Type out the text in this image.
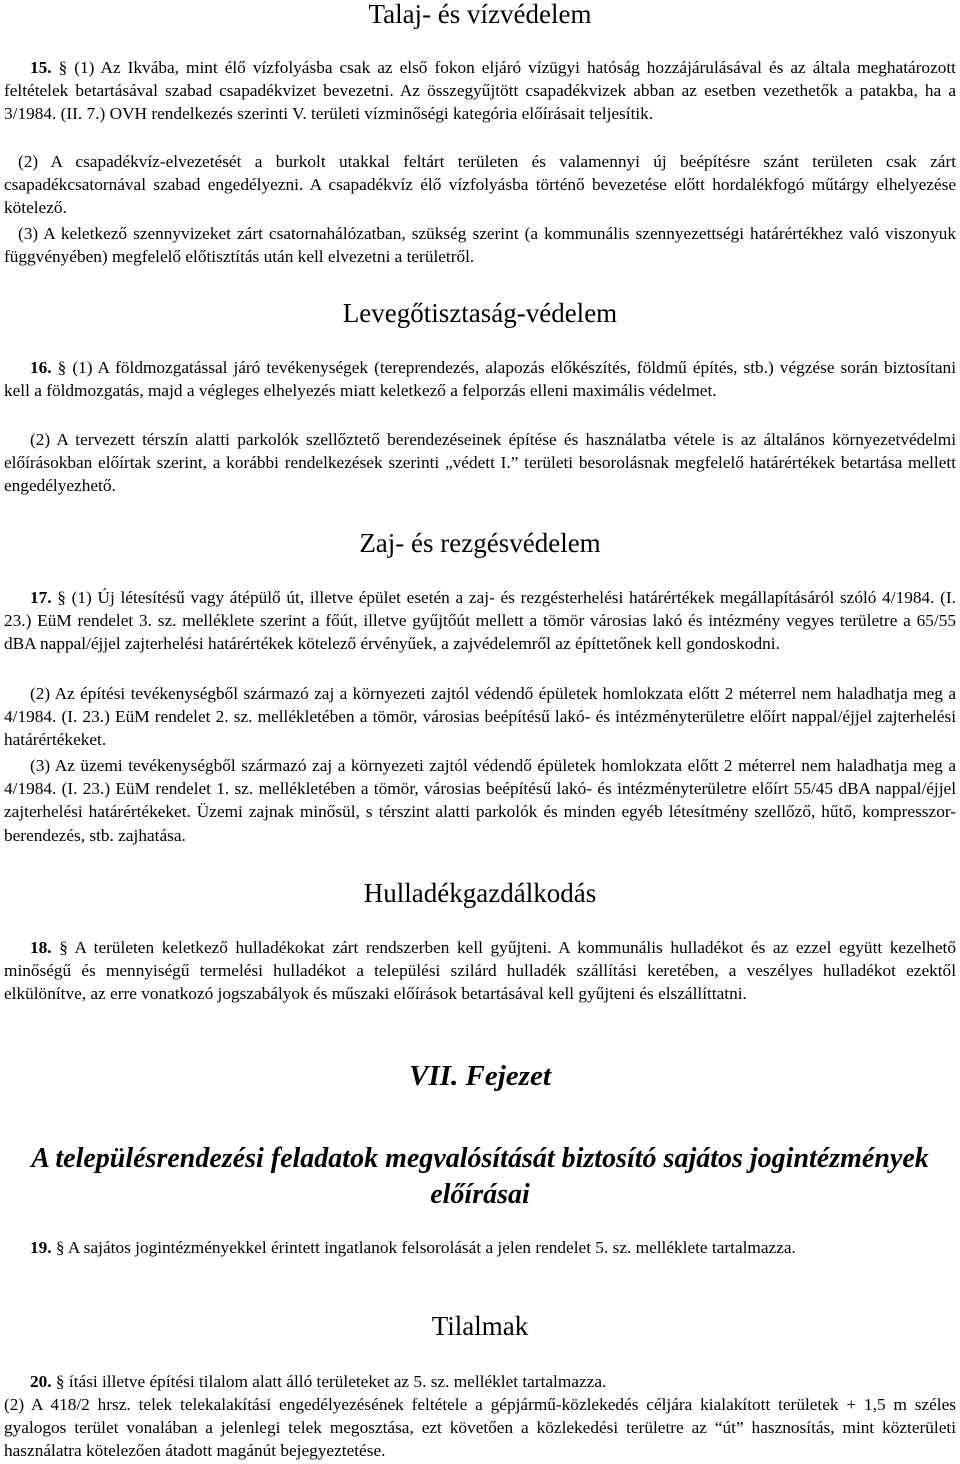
Talaj- és vízvédelem

15. § (1) Az Ikvába, mint élő vízfolyásba csak az első fokon eljáró vízügyi hatóság hozzájárulásával és az általa meghatározott feltételek betartásával szabad csapadékvizet bevezetni. Az összegyűjtött csapadékvizek abban az esetben vezethetők a patakba, ha a 3/1984. (II. 7.) OVH rendelkezés szerinti V. területi vízminőségi kategória előírásait teljesítik.

(2) A csapadékvíz-elvezetését a burkolt utakkal feltárt területen és valamennyi új beépítésre szánt területen csak zárt csapadékcsatornával szabad engedélyezni. A csapadékvíz élő vízfolyásba történő bevezetése előtt hordalékfogó műtárgy elhelyezése kötelező.

(3) A keletkező szennyvizeket zárt csatornahálózatban, szükség szerint (a kommunális szennyezettségi határértékhez való viszonyuk függvényében) megfelelő előtisztítás után kell elvezetni a területről.

Levegőtisztaság-védelem

16. § (1) A földmozgatással járó tevékenységek (tereprendezés, alapozás előkészítés, földmű építés, stb.) végzése során biztosítani kell a földmozgatás, majd a végleges elhelyezés miatt keletkező a felporzás elleni maximális védelmet.

(2) A tervezett térszín alatti parkolók szellőztető berendezéseinek építése és használatba vétele is az általános környezetvédelmi előírásokban előírtak szerint, a korábbi rendelkezések szerinti „védett I.” területi besorolásnak megfelelő határértékek betartása mellett engedélyezhető.

Zaj- és rezgésvédelem

17. § (1) Új létesítésű vagy átépülő út, illetve épület esetén a zaj- és rezgésterhelési határértékek megállapításáról szóló 4/1984. (I. 23.) EüM rendelet 3. sz. melléklete szerint a főút, illetve gyűjtőút mellett a tömör városias lakó és intézmény vegyes területre a 65/55 dBA nappal/éjjel zajterhelési határértékek kötelező érvényűek, a zajvédelemről az építtetőnek kell gondoskodni.

(2) Az építési tevékenységből származó zaj a környezeti zajtól védendő épületek homlokzata előtt 2 méterrel nem haladhatja meg a 4/1984. (I. 23.) EüM rendelet 2. sz. mellékletében a tömör, városias beépítésű lakó- és intézményterületre előírt nappal/éjjel zajterhelési határértékeket.

(3) Az üzemi tevékenységből származó zaj a környezeti zajtól védendő épületek homlokzata előtt 2 méterrel nem haladhatja meg a 4/1984. (I. 23.) EüM rendelet 1. sz. mellékletében a tömör, városias beépítésű lakó- és intézményterületre előírt 55/45 dBA nappal/éjjel zajterhelési határértékeket. Üzemi zajnak minősül, s térszint alatti parkolók és minden egyéb létesítmény szellőző, hűtő, kompresszor-berendezés, stb. zajhatása.

Hulladékgazdálkodás

18. § A területen keletkező hulladékokat zárt rendszerben kell gyűjteni. A kommunális hulladékot és az ezzel együtt kezelhető minőségű és mennyiségű termelési hulladékot a települési szilárd hulladék szállítási keretében, a veszélyes hulladékot ezektől elkülönítve, az erre vonatkozó jogszabályok és műszaki előírások betartásával kell gyűjteni és elszállíttatni.

VII. Fejezet
A településrendezési feladatok megvalósítását biztosító sajátos jogintézmények előírásai

19. § A sajátos jogintézményekkel érintett ingatlanok felsorolását a jelen rendelet 5. sz. melléklete tartalmazza.

Tilalmak

20. § ítási illetve építési tilalom alatt álló területeket az 5. sz. melléklet tartalmazza.

(2) A 418/2 hrsz. telek telekalakítási engedélyezésének feltétele a gépjármű-közlekedés céljára kialakított területek + 1,5 m széles gyalogos terület vonalában a jelenlegi telek megosztása, ezt követően a közlekedési területre az “út” hasznosítás, mint közterületi használatra kötelezően átadott magánút bejegyeztetése.
